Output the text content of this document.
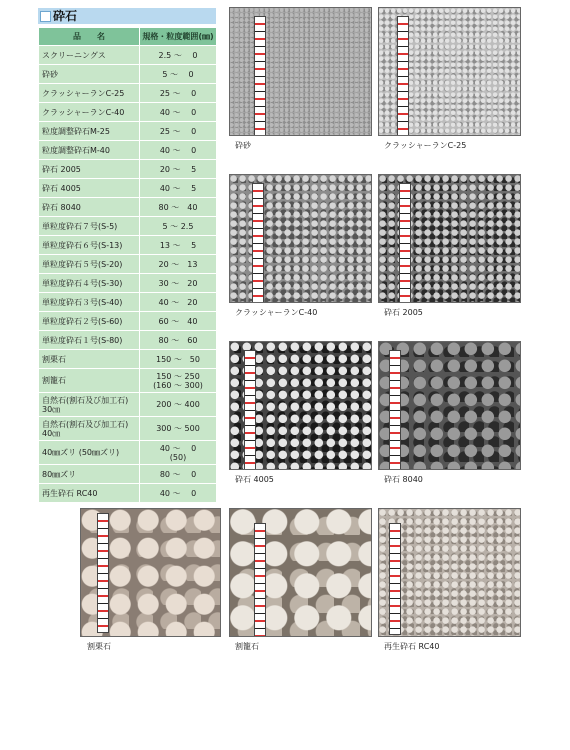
砕石
品　　名	規格・粒度範囲(㎜)
スクリーニングス	2.5 〜　 0
砕砂	5 〜　 0
クラッシャーランC-25	25 〜　 0
クラッシャーランC-40	40 〜　 0
粒度調整砕石M-25	25 〜　 0
粒度調整砕石M-40	40 〜　 0
砕石 2005	20 〜　 5
砕石 4005	40 〜　 5
砕石 8040	80 〜　40
単粒度砕石７号(S-5)	5 〜 2.5
単粒度砕石６号(S-13)	13 〜　 5
単粒度砕石５号(S-20)	20 〜　13
単粒度砕石４号(S-30)	30 〜　20
単粒度砕石３号(S-40)	40 〜　20
単粒度砕石２号(S-60)	60 〜　40
単粒度砕石１号(S-80)	80 〜　60
割栗石	150 〜　50
割籠石	150 〜 250
(160 〜 300)
自然石(割石及び加工石)
30㎝	200 〜 400
自然石(割石及び加工石)
40㎝	300 〜 500
40㎜ズリ (50㎜ズリ)	40 〜　 0
(50)
80㎜ズリ	80 〜　 0
再生砕石 RC40	40 〜　 0
砕砂	クラッシャーランC-25
クラッシャーランC-40	砕石 2005
砕石 4005	砕石 8040
割栗石	割籠石	再生砕石 RC40
